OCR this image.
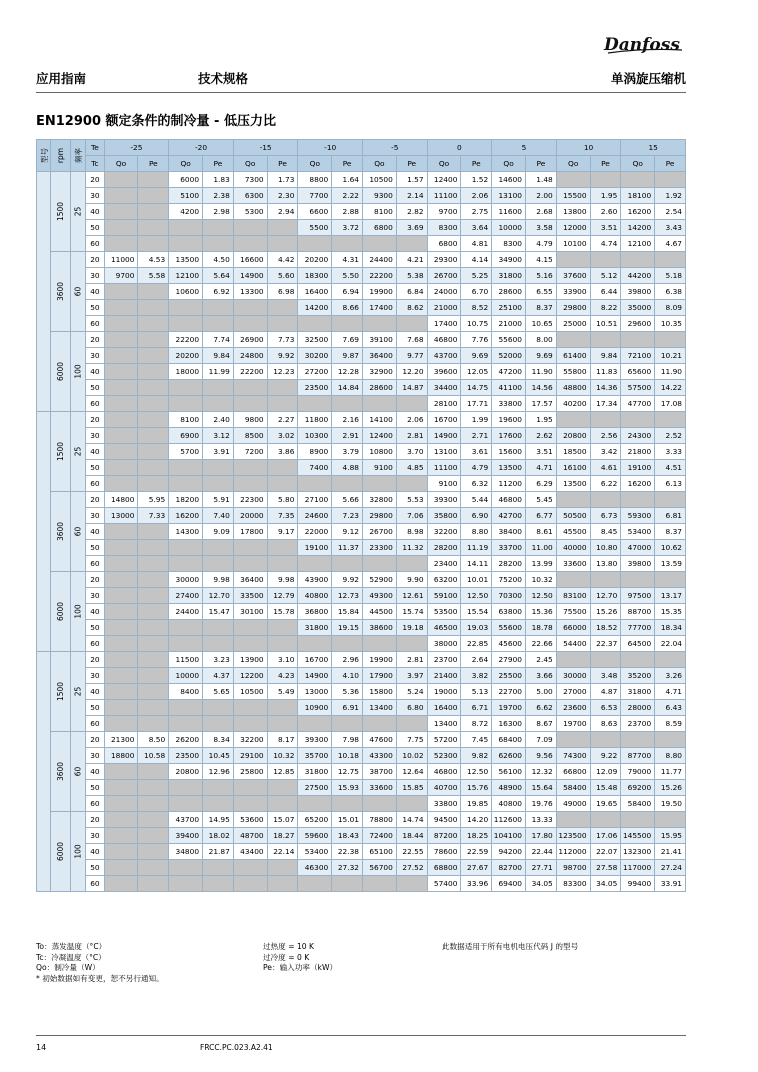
Danfoss
应用指南	技术规格	单涡旋压缩机
EN12900 额定条件的制冷量 - 低压力比
型号	rpm	频率	Te	-25		-20		-15		-10		-5		0		5		10		15	
			Tc	Qo	Pe	Qo	Pe	Qo	Pe	Qo	Pe	Qo	Pe	Qo	Pe	Qo	Pe	Qo	Pe	Qo	Pe
	1500	25	20			6000	1.83	7300	1.73	8800	1.64	10500	1.57	12400	1.52	14600	1.48				
			30			5100	2.38	6300	2.30	7700	2.22	9300	2.14	11100	2.06	13100	2.00	15500	1.95	18100	1.92
			40			4200	2.98	5300	2.94	6600	2.88	8100	2.82	9700	2.75	11600	2.68	13800	2.60	16200	2.54
			50							5500	3.72	6800	3.69	8300	3.64	10000	3.58	12000	3.51	14200	3.43
			60											6800	4.81	8300	4.79	10100	4.74	12100	4.67
	3600	60	20	11000	4.53	13500	4.50	16600	4.42	20200	4.31	24400	4.21	29300	4.14	34900	4.15				
			30	9700	5.58	12100	5.64	14900	5.60	18300	5.50	22200	5.38	26700	5.25	31800	5.16	37600	5.12	44200	5.18
			40			10600	6.92	13300	6.98	16400	6.94	19900	6.84	24000	6.70	28600	6.55	33900	6.44	39800	6.38
			50							14200	8.66	17400	8.62	21000	8.52	25100	8.37	29800	8.22	35000	8.09
			60											17400	10.75	21000	10.65	25000	10.51	29600	10.35
	6000	100	20			22200	7.74	26900	7.73	32500	7.69	39100	7.68	46800	7.76	55600	8.00				
			30			20200	9.84	24800	9.92	30200	9.87	36400	9.77	43700	9.69	52000	9.69	61400	9.84	72100	10.21
			40			18000	11.99	22200	12.23	27200	12.28	32900	12.20	39600	12.05	47200	11.90	55800	11.83	65600	11.90
			50							23500	14.84	28600	14.87	34400	14.75	41100	14.56	48800	14.36	57500	14.22
			60											28100	17.71	33800	17.57	40200	17.34	47700	17.08
	1500	25	20			8100	2.40	9800	2.27	11800	2.16	14100	2.06	16700	1.99	19600	1.95				
			30			6900	3.12	8500	3.02	10300	2.91	12400	2.81	14900	2.71	17600	2.62	20800	2.56	24300	2.52
			40			5700	3.91	7200	3.86	8900	3.79	10800	3.70	13100	3.61	15600	3.51	18500	3.42	21800	3.33
			50							7400	4.88	9100	4.85	11100	4.79	13500	4.71	16100	4.61	19100	4.51
			60											9100	6.32	11200	6.29	13500	6.22	16200	6.13
	3600	60	20	14800	5.95	18200	5.91	22300	5.80	27100	5.66	32800	5.53	39300	5.44	46800	5.45				
			30	13000	7.33	16200	7.40	20000	7.35	24600	7.23	29800	7.06	35800	6.90	42700	6.77	50500	6.73	59300	6.81
			40			14300	9.09	17800	9.17	22000	9.12	26700	8.98	32200	8.80	38400	8.61	45500	8.45	53400	8.37
			50							19100	11.37	23300	11.32	28200	11.19	33700	11.00	40000	10.80	47000	10.62
			60											23400	14.11	28200	13.99	33600	13.80	39800	13.59
	6000	100	20			30000	9.98	36400	9.98	43900	9.92	52900	9.90	63200	10.01	75200	10.32				
			30			27400	12.70	33500	12.79	40800	12.73	49300	12.61	59100	12.50	70300	12.50	83100	12.70	97500	13.17
			40			24400	15.47	30100	15.78	36800	15.84	44500	15.74	53500	15.54	63800	15.36	75500	15.26	88700	15.35
			50							31800	19.15	38600	19.18	46500	19.03	55600	18.78	66000	18.52	77700	18.34
			60											38000	22.85	45600	22.66	54400	22.37	64500	22.04
	1500	25	20			11500	3.23	13900	3.10	16700	2.96	19900	2.81	23700	2.64	27900	2.45				
			30			10000	4.37	12200	4.23	14900	4.10	17900	3.97	21400	3.82	25500	3.66	30000	3.48	35200	3.26
			40			8400	5.65	10500	5.49	13000	5.36	15800	5.24	19000	5.13	22700	5.00	27000	4.87	31800	4.71
			50							10900	6.91	13400	6.80	16400	6.71	19700	6.62	23600	6.53	28000	6.43
			60											13400	8.72	16300	8.67	19700	8.63	23700	8.59
	3600	60	20	21300	8.50	26200	8.34	32200	8.17	39300	7.98	47600	7.75	57200	7.45	68400	7.09				
			30	18800	10.58	23500	10.45	29100	10.32	35700	10.18	43300	10.02	52300	9.82	62600	9.56	74300	9.22	87700	8.80
			40			20800	12.96	25800	12.85	31800	12.75	38700	12.64	46800	12.50	56100	12.32	66800	12.09	79000	11.77
			50							27500	15.93	33600	15.85	40700	15.76	48900	15.64	58400	15.48	69200	15.26
			60											33800	19.85	40800	19.76	49000	19.65	58400	19.50
	6000	100	20			43700	14.95	53600	15.07	65200	15.01	78800	14.74	94500	14.20	112600	13.33				
			30			39400	18.02	48700	18.27	59600	18.43	72400	18.44	87200	18.25	104100	17.80	123500	17.06	145500	15.95
			40			34800	21.87	43400	22.14	53400	22.38	65100	22.55	78600	22.59	94200	22.44	112000	22.07	132300	21.41
			50							46300	27.32	56700	27.52	68800	27.67	82700	27.71	98700	27.58	117000	27.24
			60											57400	33.96	69400	34.05	83300	34.05	99400	33.91
To：蒸发温度（°C）
Tc：冷凝温度（°C）
Qo：制冷量（W）
* 初始数据如有变更，恕不另行通知。
过热度 = 10 K
过冷度 = 0 K
Pe：输入功率（kW）
此数据适用于所有电机电压代码 J 的型号
14	FRCC.PC.023.A2.41
